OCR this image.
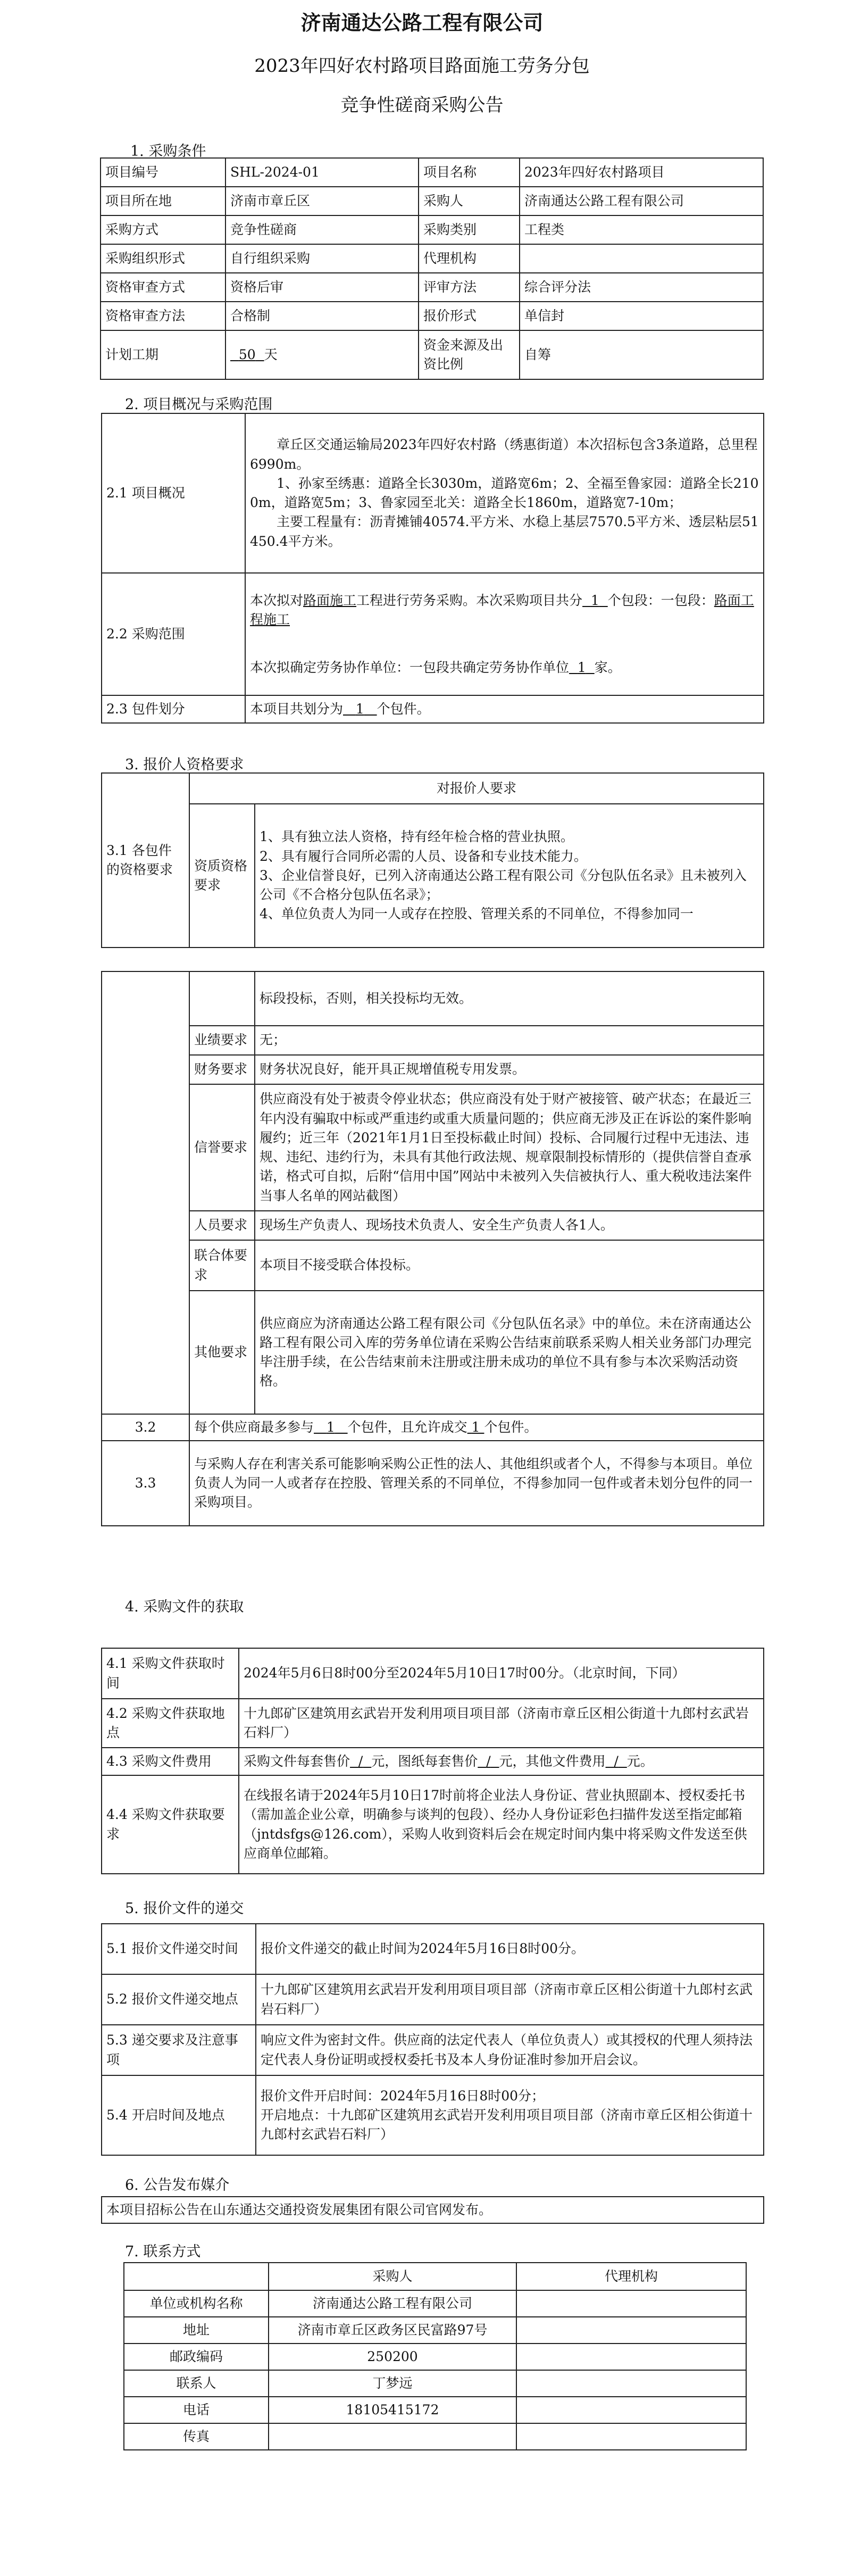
济南通达公路工程有限公司
2023年四好农村路项目路面施工劳务分包
竞争性磋商采购公告
1. 采购条件
项目编号	SHL-2024-01	项目名称	2023年四好农村路项目
项目所在地	济南市章丘区	采购人	济南通达公路工程有限公司
采购方式	竞争性磋商	采购类别	工程类
采购组织形式	自行组织采购	代理机构	
资格审查方式	资格后审	评审方法	综合评分法
资格审查方法	合格制	报价形式	单信封
计划工期	50 天	资金来源及出资比例	自筹
2. 项目概况与采购范围
2.1 项目概况	章丘区交通运输局2023年四好农村路（绣惠街道）本次招标包含3条道路，总里程6990m。

1、孙家至绣惠：道路全长3030m，道路宽6m；2、全福至鲁家园：道路全长2100m，道路宽5m；3、鲁家园至北关：道路全长1860m，道路宽7-10m；

主要工程量有：沥青摊铺40574.平方米、水稳上基层7570.5平方米、透层粘层51450.4平方米。

2.2 采购范围	本次拟对路面施工工程进行劳务采购。本次采购项目共分 1 个包段：一包段：路面工程施工

本次拟确定劳务协作单位：一包段共确定劳务协作单位 1 家。

2.3 包件划分	本项目共划分为 1 个包件。
3. 报价人资格要求
3.1 各包件的资格要求	对报价人要求	
	资质资格要求	1、具有独立法人资格，持有经年检合格的营业执照。

2、具有履行合同所必需的人员、设备和专业技术能力。

3、企业信誉良好，已列入济南通达公路工程有限公司《分包队伍名录》且未被列入公司《不合格分包队伍名录》；

4、单位负责人为同一人或存在控股、管理关系的不同单位，不得参加同一

		标段投标，否则，相关投标均无效。
	业绩要求	无；
	财务要求	财务状况良好，能开具正规增值税专用发票。
	信誉要求	供应商没有处于被责令停业状态；供应商没有处于财产被接管、破产状态；在最近三年内没有骗取中标或严重违约或重大质量问题的；供应商无涉及正在诉讼的案件影响履约；近三年（2021年1月1日至投标截止时间）投标、合同履行过程中无违法、违规、违纪、违约行为，未具有其他行政法规、规章限制投标情形的（提供信誉自查承诺，格式可自拟，后附“信用中国”网站中未被列入失信被执行人、重大税收违法案件当事人名单的网站截图）
	人员要求	现场生产负责人、现场技术负责人、安全生产负责人各1人。
	联合体要求	本项目不接受联合体投标。
	其他要求	供应商应为济南通达公路工程有限公司《分包队伍名录》中的单位。未在济南通达公路工程有限公司入库的劳务单位请在采购公告结束前联系采购人相关业务部门办理完毕注册手续，在公告结束前未注册或注册未成功的单位不具有参与本次采购活动资格。
3.2	每个供应商最多参与 1 个包件，且允许成交 1 个包件。	
3.3	与采购人存在利害关系可能影响采购公正性的法人、其他组织或者个人，不得参与本项目。单位负责人为同一人或者存在控股、管理关系的不同单位，不得参加同一包件或者未划分包件的同一采购项目。	
4. 采购文件的获取
4.1 采购文件获取时间	2024年5月6日8时00分至2024年5月10日17时00分。（北京时间，下同）
4.2 采购文件获取地点	十九郎矿区建筑用玄武岩开发利用项目项目部（济南市章丘区相公街道十九郎村玄武岩石料厂）
4.3 采购文件费用	采购文件每套售价 / 元，图纸每套售价 / 元，其他文件费用 / 元。
4.4 采购文件获取要求	在线报名请于2024年5月10日17时前将企业法人身份证、营业执照副本、授权委托书（需加盖企业公章，明确参与谈判的包段）、经办人身份证彩色扫描件发送至指定邮箱（jntdsfgs@126.com），采购人收到资料后会在规定时间内集中将采购文件发送至供应商单位邮箱。
5. 报价文件的递交
5.1 报价文件递交时间	报价文件递交的截止时间为2024年5月16日8时00分。
5.2 报价文件递交地点	十九郎矿区建筑用玄武岩开发利用项目项目部（济南市章丘区相公街道十九郎村玄武岩石料厂）
5.3 递交要求及注意事项	响应文件为密封文件。供应商的法定代表人（单位负责人）或其授权的代理人须持法定代表人身份证明或授权委托书及本人身份证准时参加开启会议。
5.4 开启时间及地点	报价文件开启时间：2024年5月16日8时00分；

开启地点：十九郎矿区建筑用玄武岩开发利用项目项目部（济南市章丘区相公街道十九郎村玄武岩石料厂）

6. 公告发布媒介
本项目招标公告在山东通达交通投资发展集团有限公司官网发布。
7. 联系方式
	采购人	代理机构
单位或机构名称	济南通达公路工程有限公司	
地址	济南市章丘区政务区民富路97号	
邮政编码	250200	
联系人	丁梦远	
电话	18105415172	
传真		
